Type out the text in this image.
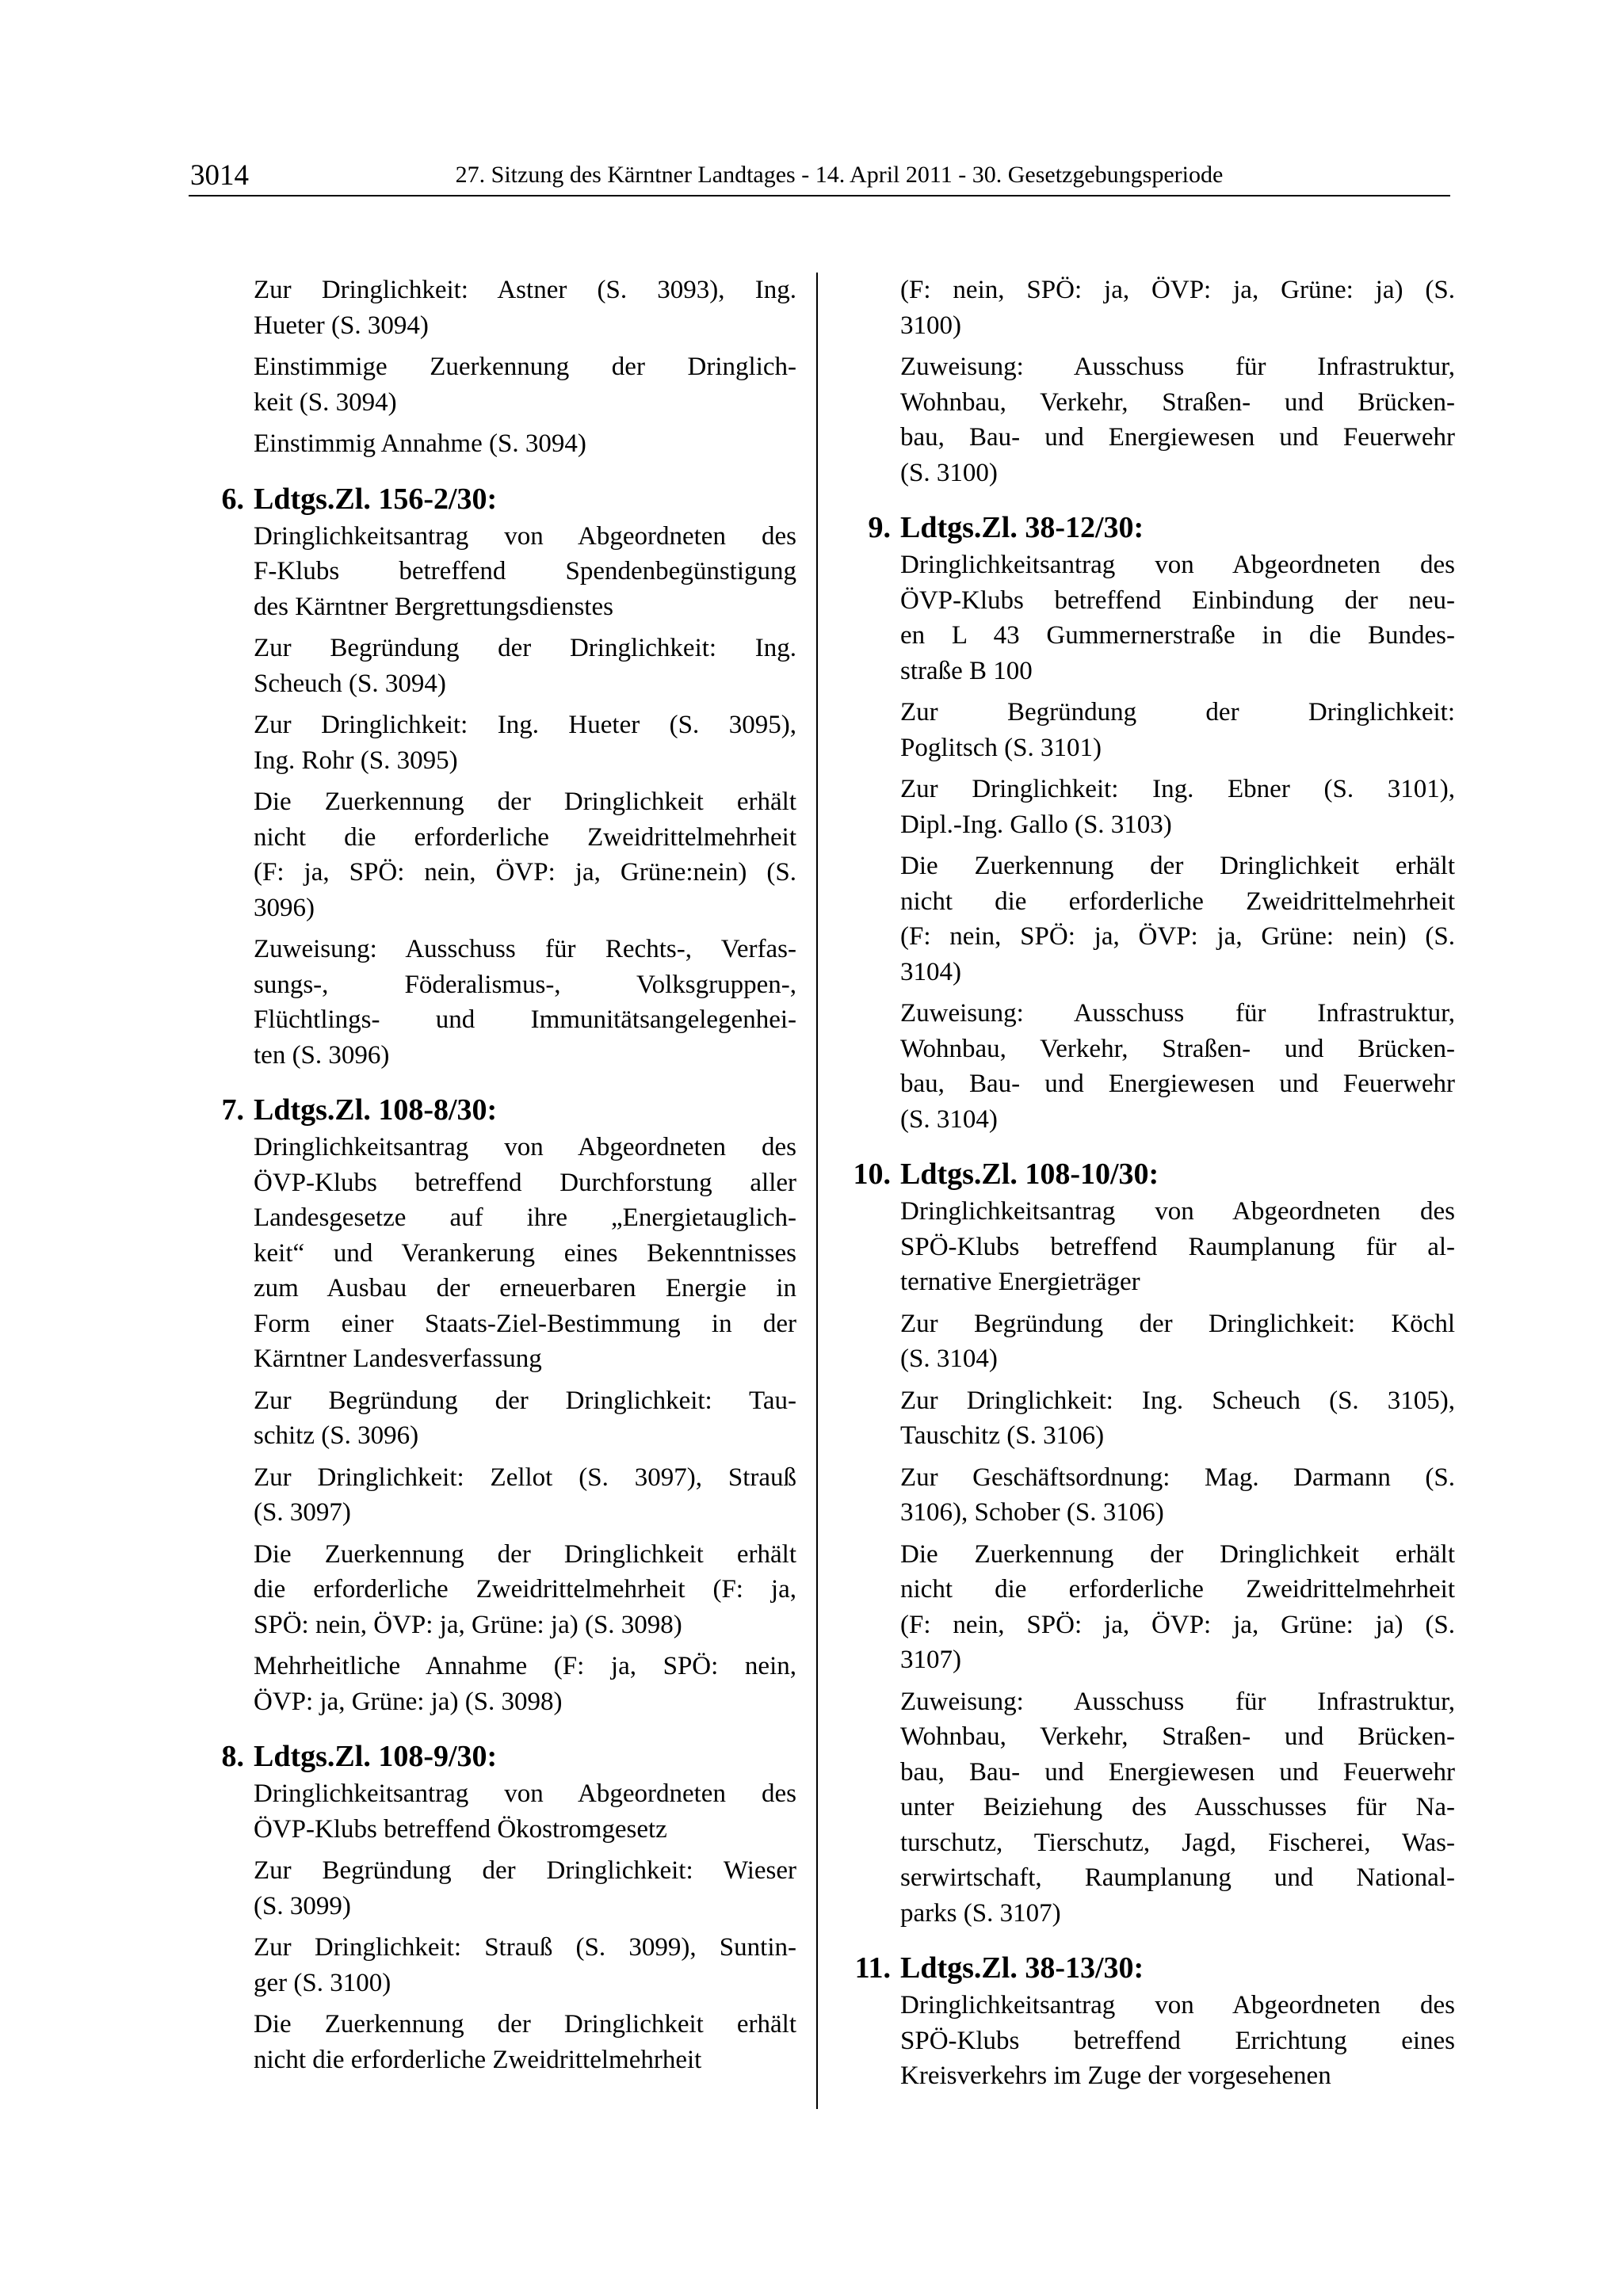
3014	27. Sitzung des Kärntner Landtages - 14. April 2011 - 30. Gesetzgebungsperiode
Zur Dringlichkeit: Astner (S. 3093), Ing.
Hueter (S. 3094)
Einstimmige Zuerkennung der Dringlich-
keit (S. 3094)
Einstimmig Annahme (S. 3094)
6. Ldtgs.Zl. 156-2/30:
Dringlichkeitsantrag von Abgeordneten des
F-Klubs betreffend Spendenbegünstigung
des Kärntner Bergrettungsdienstes
Zur Begründung der Dringlichkeit: Ing.
Scheuch (S. 3094)
Zur Dringlichkeit: Ing. Hueter (S. 3095),
Ing. Rohr (S. 3095)
Die Zuerkennung der Dringlichkeit erhält
nicht die erforderliche Zweidrittelmehrheit
(F: ja, SPÖ: nein, ÖVP: ja, Grüne:nein) (S.
3096)
Zuweisung: Ausschuss für Rechts-, Verfas-
sungs-, Föderalismus-, Volksgruppen-,
Flüchtlings- und Immunitätsangelegenhei-
ten (S. 3096)
7. Ldtgs.Zl. 108-8/30:
Dringlichkeitsantrag von Abgeordneten des
ÖVP-Klubs betreffend Durchforstung aller
Landesgesetze auf ihre „Energietauglich-
keit“ und Verankerung eines Bekenntnisses
zum Ausbau der erneuerbaren Energie in
Form einer Staats-Ziel-Bestimmung in der
Kärntner Landesverfassung
Zur Begründung der Dringlichkeit: Tau-
schitz (S. 3096)
Zur Dringlichkeit: Zellot (S. 3097), Strauß
(S. 3097)
Die Zuerkennung der Dringlichkeit erhält
die erforderliche Zweidrittelmehrheit (F: ja,
SPÖ: nein, ÖVP: ja, Grüne: ja) (S. 3098)
Mehrheitliche Annahme (F: ja, SPÖ: nein,
ÖVP: ja, Grüne: ja) (S. 3098)
8. Ldtgs.Zl. 108-9/30:
Dringlichkeitsantrag von Abgeordneten des
ÖVP-Klubs betreffend Ökostromgesetz
Zur Begründung der Dringlichkeit: Wieser
(S. 3099)
Zur Dringlichkeit: Strauß (S. 3099), Suntin-
ger (S. 3100)
Die Zuerkennung der Dringlichkeit erhält
nicht die erforderliche Zweidrittelmehrheit
(F: nein, SPÖ: ja, ÖVP: ja, Grüne: ja) (S.
3100)
Zuweisung: Ausschuss für Infrastruktur,
Wohnbau, Verkehr, Straßen- und Brücken-
bau, Bau- und Energiewesen und Feuerwehr
(S. 3100)
9. Ldtgs.Zl. 38-12/30:
Dringlichkeitsantrag von Abgeordneten des
ÖVP-Klubs betreffend Einbindung der neu-
en L 43 Gummernerstraße in die Bundes-
straße B 100
Zur Begründung der Dringlichkeit:
Poglitsch (S. 3101)
Zur Dringlichkeit: Ing. Ebner (S. 3101),
Dipl.-Ing. Gallo (S. 3103)
Die Zuerkennung der Dringlichkeit erhält
nicht die erforderliche Zweidrittelmehrheit
(F: nein, SPÖ: ja, ÖVP: ja, Grüne: nein) (S.
3104)
Zuweisung: Ausschuss für Infrastruktur,
Wohnbau, Verkehr, Straßen- und Brücken-
bau, Bau- und Energiewesen und Feuerwehr
(S. 3104)
10. Ldtgs.Zl. 108-10/30:
Dringlichkeitsantrag von Abgeordneten des
SPÖ-Klubs betreffend Raumplanung für al-
ternative Energieträger
Zur Begründung der Dringlichkeit: Köchl
(S. 3104)
Zur Dringlichkeit: Ing. Scheuch (S. 3105),
Tauschitz (S. 3106)
Zur Geschäftsordnung: Mag. Darmann (S.
3106), Schober (S. 3106)
Die Zuerkennung der Dringlichkeit erhält
nicht die erforderliche Zweidrittelmehrheit
(F: nein, SPÖ: ja, ÖVP: ja, Grüne: ja) (S.
3107)
Zuweisung: Ausschuss für Infrastruktur,
Wohnbau, Verkehr, Straßen- und Brücken-
bau, Bau- und Energiewesen und Feuerwehr
unter Beiziehung des Ausschusses für Na-
turschutz, Tierschutz, Jagd, Fischerei, Was-
serwirtschaft, Raumplanung und National-
parks (S. 3107)
11. Ldtgs.Zl. 38-13/30:
Dringlichkeitsantrag von Abgeordneten des
SPÖ-Klubs betreffend Errichtung eines
Kreisverkehrs im Zuge der vorgesehenen
